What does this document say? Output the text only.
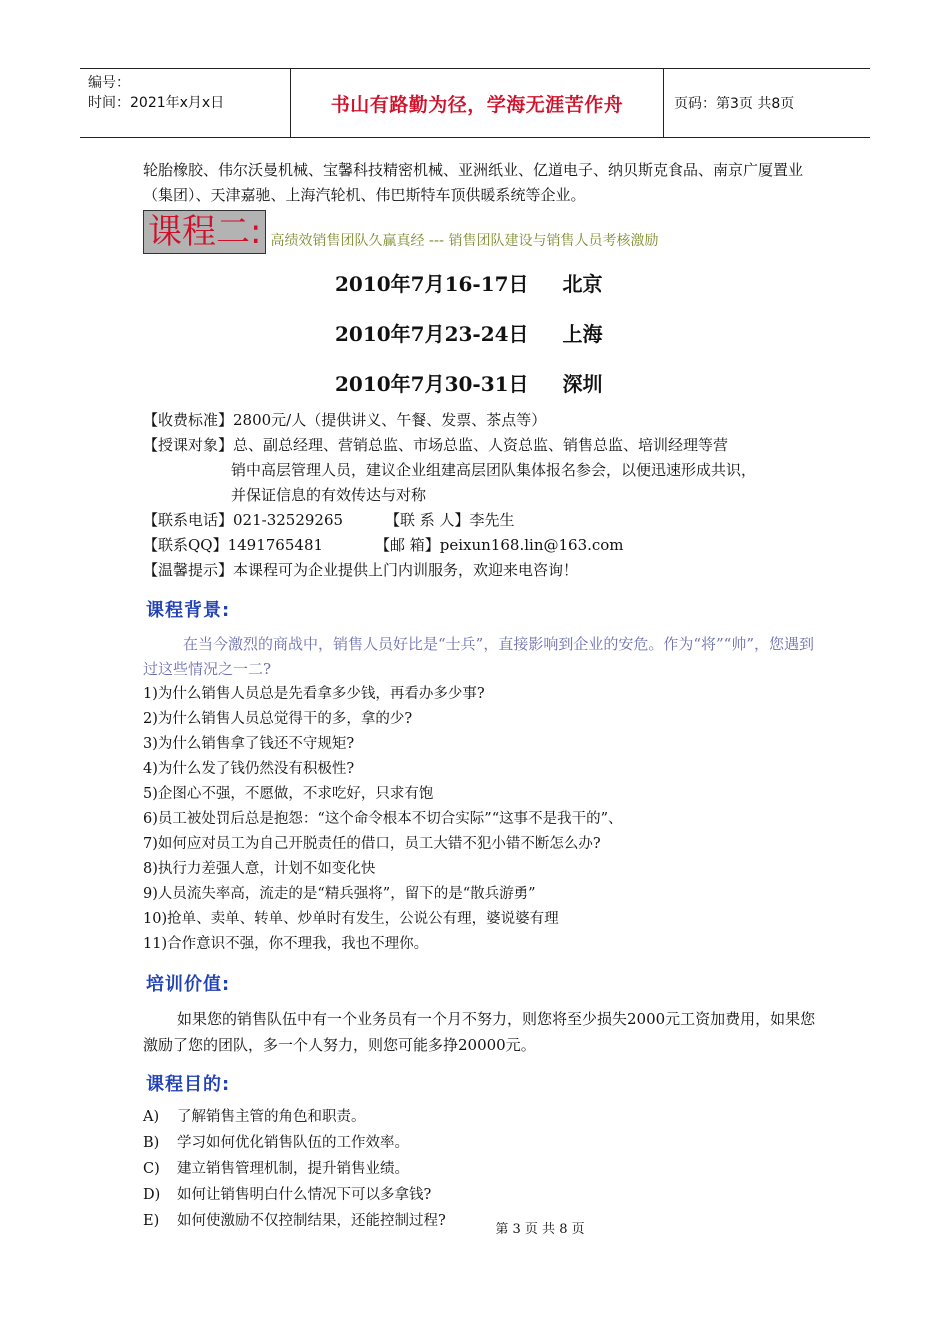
编号：
时间：2021年x月x日	书山有路勤为径，学海无涯苦作舟	页码：第3页 共8页

轮胎橡胶、伟尔沃曼机械、宝馨科技精密机械、亚洲纸业、亿道电子、纳贝斯克食品、南京广厦置业（集团）、天津嘉驰、上海汽轮机、伟巴斯特车顶供暖系统等企业。

课程二: 高绩效销售团队久赢真经 --- 销售团队建设与销售人员考核激励
2010年7月16-17日 北京
2010年7月23-24日 上海
2010年7月30-31日 深圳
【收费标准】2800元/人（提供讲义、午餐、发票、茶点等）
【授课对象】总、副总经理、营销总监、市场总监、人资总监、销售总监、培训经理等营
销中高层管理人员，建议企业组建高层团队集体报名参会，以便迅速形成共识，
并保证信息的有效传达与对称
【联系电话】021-32529265	【联 系 人】李先生
【联系QQ】1491765481	【邮 箱】peixun168.lin@163.com
【温馨提示】本课程可为企业提供上门内训服务，欢迎来电咨询！
课程背景:

在当今激烈的商战中，销售人员好比是“士兵”，直接影响到企业的安危。作为“将”“帅”，您遇到过这些情况之一二?

1)为什么销售人员总是先看拿多少钱，再看办多少事?
2)为什么销售人员总觉得干的多，拿的少?
3)为什么销售拿了钱还不守规矩?
4)为什么发了钱仍然没有积极性?
5)企图心不强，不愿做，不求吃好，只求有饱
6)员工被处罚后总是抱怨：“这个命令根本不切合实际”“这事不是我干的”、
7)如何应对员工为自己开脱责任的借口，员工大错不犯小错不断怎么办?
8)执行力差强人意，计划不如变化快
9)人员流失率高，流走的是“精兵强将”，留下的是“散兵游勇”
10)抢单、卖单、转单、炒单时有发生，公说公有理，婆说婆有理
11)合作意识不强，你不理我，我也不理你。
培训价值:

如果您的销售队伍中有一个业务员有一个月不努力，则您将至少损失2000元工资加费用，如果您激励了您的团队，多一个人努力，则您可能多挣20000元。

课程目的:
A)	了解销售主管的角色和职责。
B)	学习如何优化销售队伍的工作效率。
C)	建立销售管理机制，提升销售业绩。
D)	如何让销售明白什么情况下可以多拿钱?
E)	如何使激励不仅控制结果，还能控制过程?
第 3 页 共 8 页
